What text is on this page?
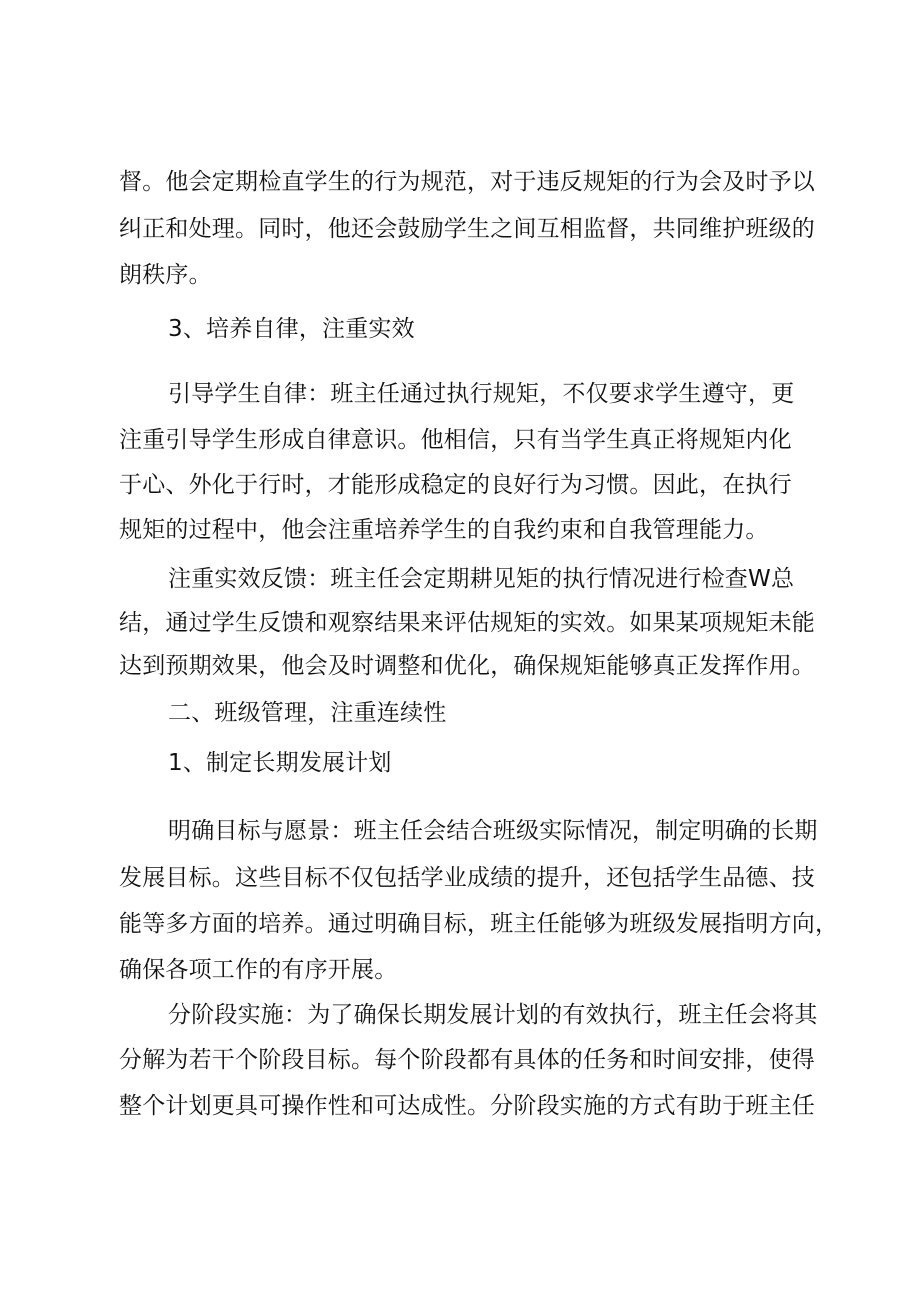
督。他会定期检直学生的行为规范，对于违反规矩的行为会及时予以
纠正和处理。同时，他还会鼓励学生之间互相监督，共同维护班级的
朗秩序。
3、培养自律，注重实效
引导学生自律：班主任通过执行规矩，不仅要求学生遵守，更
注重引导学生形成自律意识。他相信，只有当学生真正将规矩内化
于心、外化于行时，才能形成稳定的良好行为习惯。因此，在执行
规矩的过程中，他会注重培养学生的自我约束和自我管理能力。
注重实效反馈：班主任会定期耕见矩的执行情况进行检查W总
结，通过学生反馈和观察结果来评估规矩的实效。如果某项规矩未能
达到预期效果，他会及时调整和优化，确保规矩能够真正发挥作用。
二、班级管理，注重连续性
1、制定长期发展计划
明确目标与愿景：班主任会结合班级实际情况，制定明确的长期
发展目标。这些目标不仅包括学业成绩的提升，还包括学生品德、技
能等多方面的培养。通过明确目标，班主任能够为班级发展指明方向，
确保各项工作的有序开展。
分阶段实施：为了确保长期发展计划的有效执行，班主任会将其
分解为若干个阶段目标。每个阶段都有具体的任务和时间安排，使得
整个计划更具可操作性和可达成性。分阶段实施的方式有助于班主任
